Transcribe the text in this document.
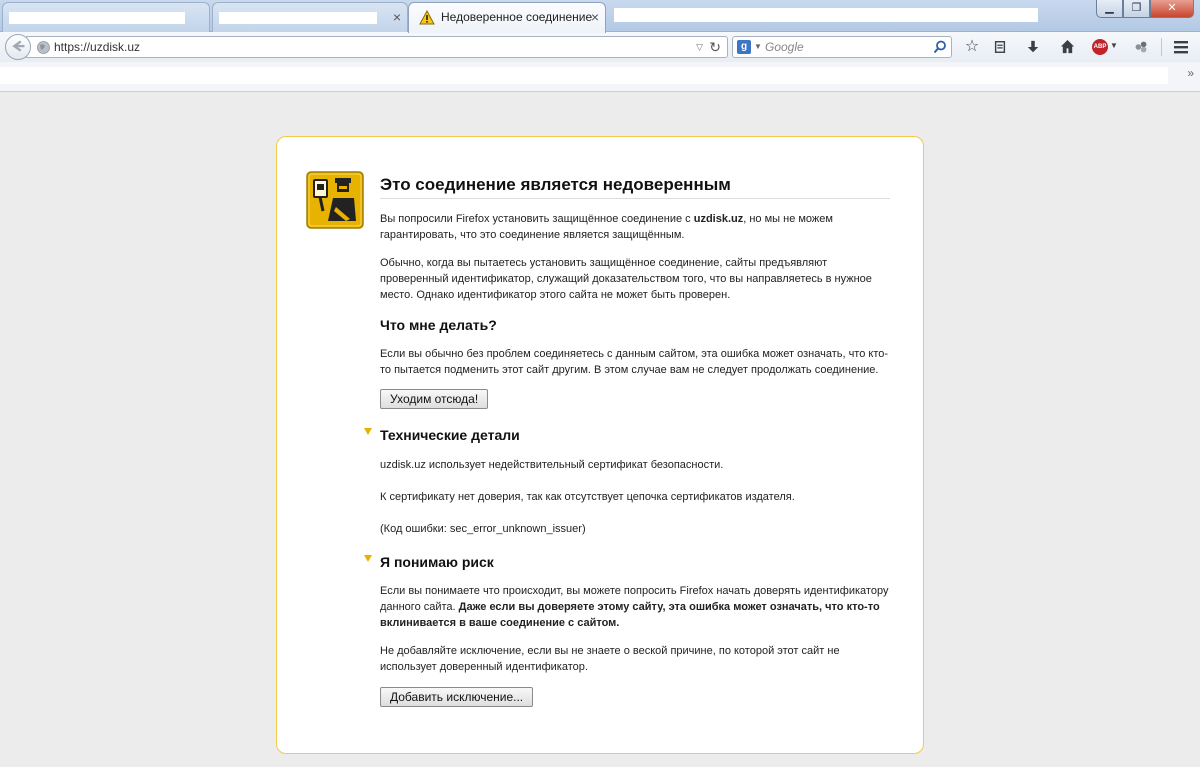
×	Недоверенное соединение
×
▁	❐	✕
https://uzdisk.uz	▽ ↻	g ▼
Google	☆	ABP ▼
»
Это соединение является недоверенным

Вы попросили Firefox установить защищённое соединение с uzdisk.uz, но мы не можем гарантировать, что это соединение является защищённым.

Обычно, когда вы пытаетесь установить защищённое соединение, сайты предъявляют проверенный идентификатор, служащий доказательством того, что вы направляетесь в нужное место. Однако идентификатор этого сайта не может быть проверен.

Что мне делать?

Если вы обычно без проблем соединяетесь с данным сайтом, эта ошибка может означать, что кто-то пытается подменить этот сайт другим. В этом случае вам не следует продолжать соединение.

Уходим отсюда!
Технические детали

uzdisk.uz использует недействительный сертификат безопасности.

К сертификату нет доверия, так как отсутствует цепочка сертификатов издателя.

(Код ошибки: sec_error_unknown_issuer)

Я понимаю риск

Если вы понимаете что происходит, вы можете попросить Firefox начать доверять идентификатору данного сайта. Даже если вы доверяете этому сайту, эта ошибка может означать, что кто-то вклинивается в ваше соединение с сайтом.

Не добавляйте исключение, если вы не знаете о веской причине, по которой этот сайт не использует доверенный идентификатор.

Добавить исключение...
